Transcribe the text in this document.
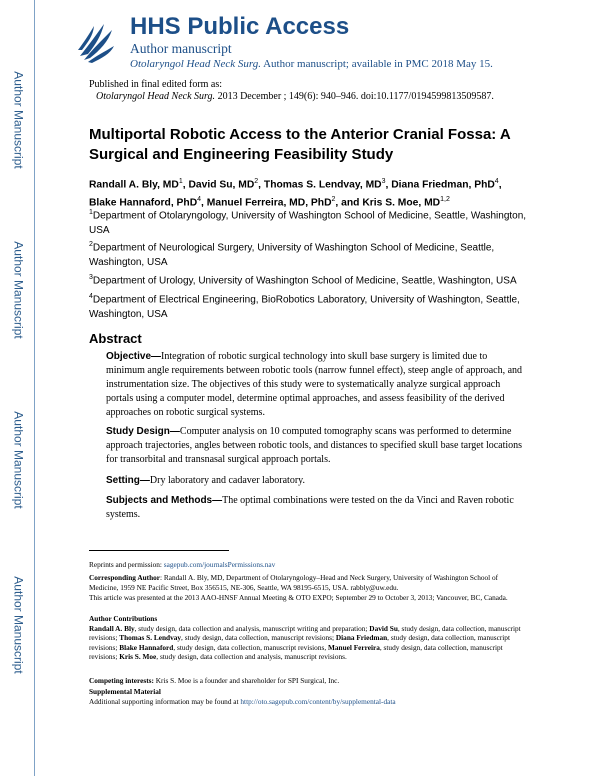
Author Manuscript
Author Manuscript
Author Manuscript
Author Manuscript
HHS Public Access
Author manuscript
Otolaryngol Head Neck Surg. Author manuscript; available in PMC 2018 May 15.
Published in final edited form as:
Otolaryngol Head Neck Surg. 2013 December ; 149(6): 940–946. doi:10.1177/0194599813509587.
Multiportal Robotic Access to the Anterior Cranial Fossa: A Surgical and Engineering Feasibility Study
Randall A. Bly, $MD^1$, David Su, $MD^2$, Thomas S. Lendvay, $MD^3$, Diana Friedman, PhD$^4$, Blake Hannaford, PhD$^4$, Manuel Ferreira, MD, PhD$^2$, and Kris S. Moe, MD$^{1,2}$
$^1$Department of Otolaryngology, University of Washington School of Medicine, Seattle, Washington, USA
$^2$Department of Neurological Surgery, University of Washington School of Medicine, Seattle, Washington, USA
$^3$Department of Urology, University of Washington School of Medicine, Seattle, Washington, USA
$^4$Department of Electrical Engineering, BioRobotics Laboratory, University of Washington, Seattle, Washington, USA
Abstract
Objective—Integration of robotic surgical technology into skull base surgery is limited due to minimum angle requirements between robotic tools (narrow funnel effect), steep angle of approach, and instrumentation size. The objectives of this study were to systematically analyze surgical approach portals using a computer model, determine optimal approaches, and assess feasibility of the derived approaches on robotic surgical systems.
Study Design—Computer analysis on 10 computed tomography scans was performed to determine approach trajectories, angles between robotic tools, and distances to specified skull base target locations for transorbital and transnasal surgical approach portals.
Setting—Dry laboratory and cadaver laboratory.
Subjects and Methods—The optimal combinations were tested on the da Vinci and Raven robotic systems.
Reprints and permission: sagepub.com/journalsPermissions.nav
Corresponding Author: Randall A. Bly, MD, Department of Otolaryngology–Head and Neck Surgery, University of Washington School of Medicine, 1959 NE Pacific Street, Box 356515, NE-306, Seattle, WA 98195-6515, USA. rabbly@uw.edu.
This article was presented at the 2013 AAO-HNSF Annual Meeting & OTO EXPO; September 29 to October 3, 2013; Vancouver, BC, Canada.
Author Contributions
Randall A. Bly, study design, data collection and analysis, manuscript writing and preparation; David Su, study design, data collection, manuscript revisions; Thomas S. Lendvay, study design, data collection, manuscript revisions; Diana Friedman, study design, data collection, manuscript revisions; Blake Hannaford, study design, data collection, manuscript revisions, Manuel Ferreira, study design, data collection, manuscript revisions; Kris S. Moe, study design, data collection and analysis, manuscript revisions.
Competing interests: Kris S. Moe is a founder and shareholder for SPI Surgical, Inc.
Supplemental Material
Additional supporting information may be found at http://oto.sagepub.com/content/by/supplemental-data
